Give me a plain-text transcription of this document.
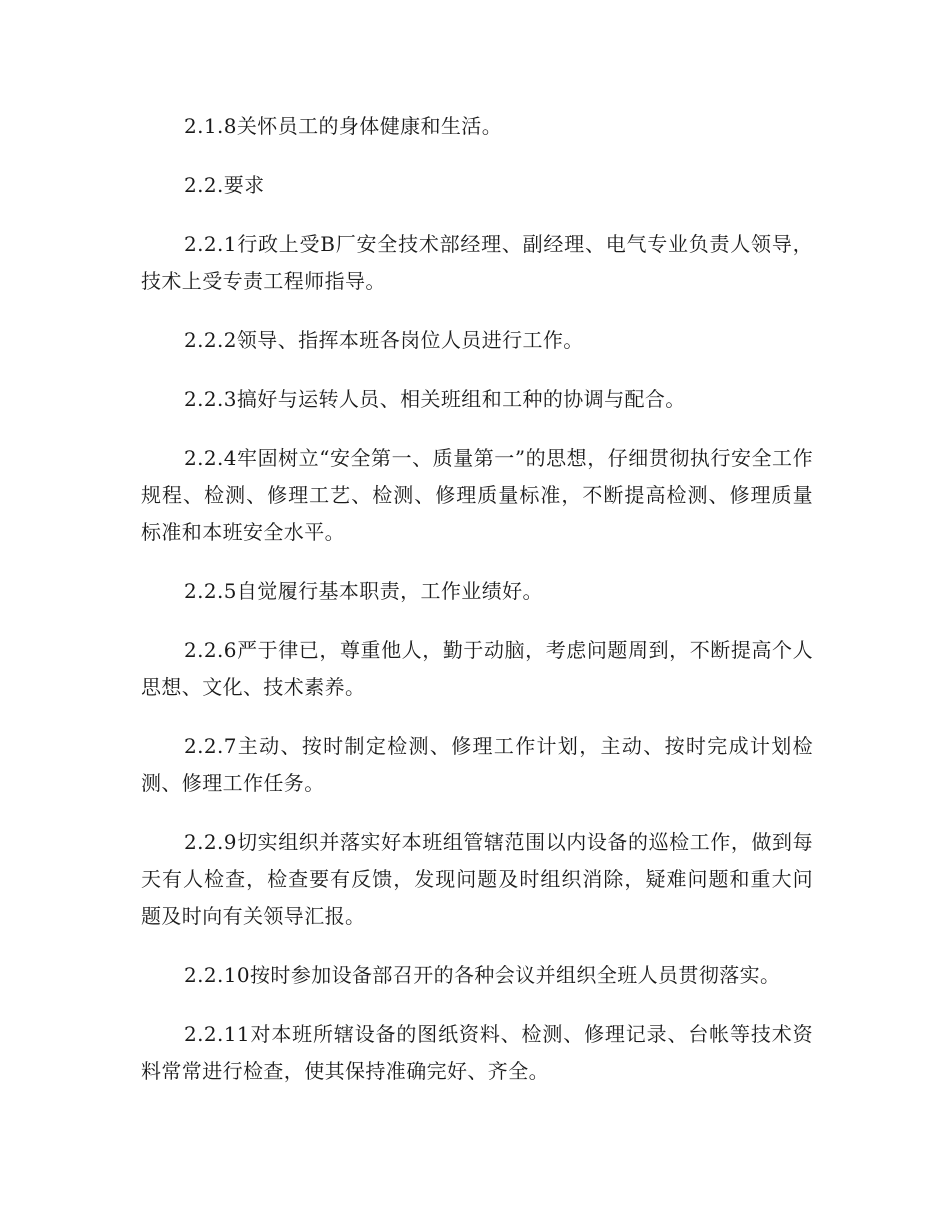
2.1.8关怀员工的身体健康和生活。

2.2.要求

2.2.1行政上受B厂安全技术部经理、副经理、电气专业负责人领导，技术上受专责工程师指导。

2.2.2领导、指挥本班各岗位人员进行工作。

2.2.3搞好与运转人员、相关班组和工种的协调与配合。

2.2.4牢固树立“安全第一、质量第一”的思想，仔细贯彻执行安全工作规程、检测、修理工艺、检测、修理质量标准，不断提高检测、修理质量标准和本班安全水平。

2.2.5自觉履行基本职责，工作业绩好。

2.2.6严于律已，尊重他人，勤于动脑，考虑问题周到，不断提高个人思想、文化、技术素养。

2.2.7主动、按时制定检测、修理工作计划，主动、按时完成计划检测、修理工作任务。

2.2.9切实组织并落实好本班组管辖范围以内设备的巡检工作，做到每天有人检查，检查要有反馈，发现问题及时组织消除，疑难问题和重大问题及时向有关领导汇报。

2.2.10按时参加设备部召开的各种会议并组织全班人员贯彻落实。

2.2.11对本班所辖设备的图纸资料、检测、修理记录、台帐等技术资料常常进行检查，使其保持准确完好、齐全。
